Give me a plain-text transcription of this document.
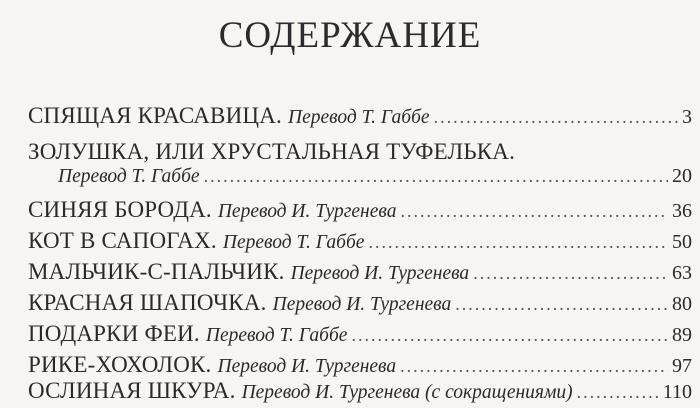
СОДЕРЖАНИЕ
СПЯЩАЯ КРАСАВИЦА. Перевод Т. Габбе .....	3
ЗОЛУШКА, ИЛИ ХРУСТАЛЬНАЯ ТУФЕЛЬКА.
Перевод Т. Габбе .....	20
СИНЯЯ БОРОДА. Перевод И. Тургенева .....	36
КОТ В САПОГАХ. Перевод Т. Габбе .....	50
МАЛЬЧИК-С-ПАЛЬЧИК. Перевод И. Тургенева .....	63
КРАСНАЯ ШАПОЧКА. Перевод И. Тургенева .....	80
ПОДАРКИ ФЕИ. Перевод Т. Габбе .....	89
РИКЕ-ХОХОЛОК. Перевод И. Тургенева .....	97
ОСЛИНАЯ ШКУРА. Перевод И. Тургенева (с сокращениями) .....	110
